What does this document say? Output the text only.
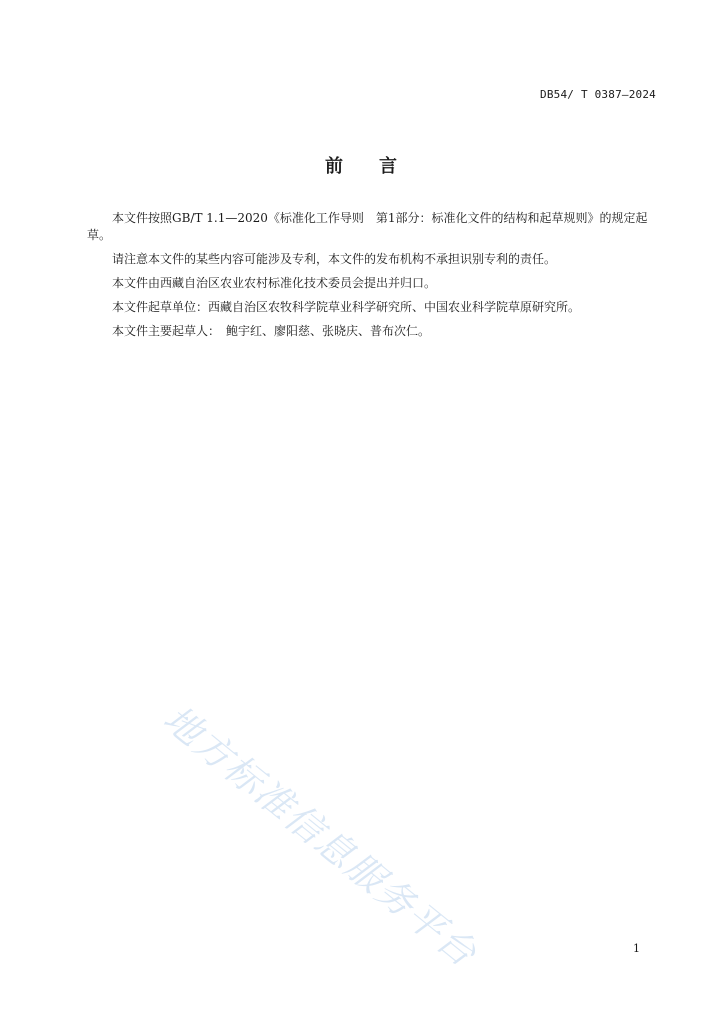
DB54/ T 0387—2024
前 言

本文件按照GB/T 1.1—2020《标准化工作导则　第1部分：标准化文件的结构和起草规则》的规定起草。

请注意本文件的某些内容可能涉及专利，本文件的发布机构不承担识别专利的责任。

本文件由西藏自治区农业农村标准化技术委员会提出并归口。

本文件起草单位：西藏自治区农牧科学院草业科学研究所、中国农业科学院草原研究所。

本文件主要起草人：　鲍宇红、廖阳慈、张晓庆、普布次仁。

地方标准信息服务平台	1
